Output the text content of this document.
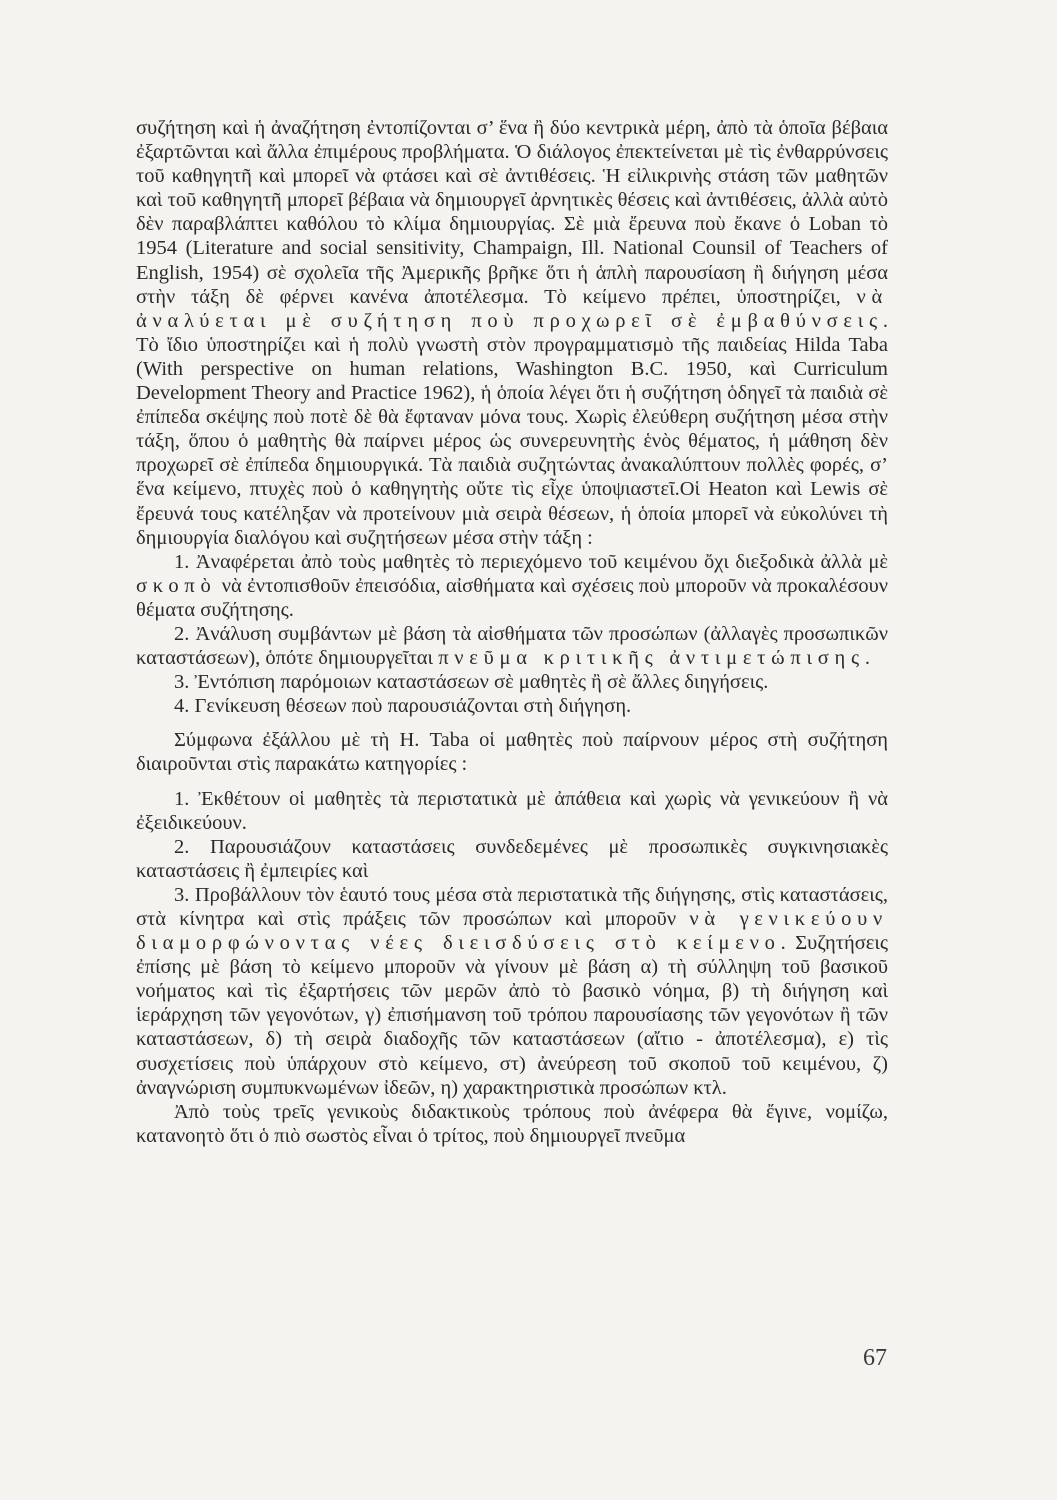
συζήτηση καὶ ἡ ἀναζήτηση ἐντοπίζονται σ’ ἕνα ἢ δύο κεντρικὰ μέρη, ἀπὸ τὰ ὁποῖα βέβαια ἐξαρτῶνται καὶ ἄλλα ἐπιμέρους προβλήματα. Ὁ διάλογος ἐπεκτείνεται μὲ τὶς ἐνθαρρύνσεις τοῦ καθηγητῆ καὶ μπορεῖ νὰ φτάσει καὶ σὲ ἀντιθέσεις. Ἡ εἰλικρινὴς στάση τῶν μαθητῶν καὶ τοῦ καθηγητῆ μπορεῖ βέβαια νὰ δημιουργεῖ ἀρνητικὲς θέσεις καὶ ἀντιθέσεις, ἀλλὰ αὐτὸ δὲν παραβλάπτει καθόλου τὸ κλίμα δημιουργίας. Σὲ μιὰ ἔρευνα ποὺ ἔκανε ὁ Loban τὸ 1954 (Literature and social sensitivity, Champaign, Ill. National Counsil of Teachers of English, 1954) σὲ σχολεῖα τῆς Ἀμερικῆς βρῆκε ὅτι ἡ ἁπλὴ παρουσίαση ἢ διήγηση μέσα στὴν τάξη δὲ φέρνει κανένα ἀποτέλεσμα. Τὸ κείμενο πρέπει, ὑποστηρίζει, νὰ ἀναλύεται μὲ συζήτηση ποὺ προχωρεῖ σὲ ἐμβαθύνσεις. Τὸ ἴδιο ὑποστηρίζει καὶ ἡ πολὺ γνωστὴ στὸν προγραμματισμὸ τῆς παιδείας Hilda Taba (With perspective on human relations, Washington B.C. 1950, καὶ Curriculum Development Theory and Practice 1962), ἡ ὁποία λέγει ὅτι ἡ συζήτηση ὁδηγεῖ τὰ παιδιὰ σὲ ἐπίπεδα σκέψης ποὺ ποτὲ δὲ θὰ ἔφταναν μόνα τους. Χωρὶς ἐλεύθερη συζήτηση μέσα στὴν τάξη, ὅπου ὁ μαθητὴς θὰ παίρνει μέρος ὡς συνερευνητὴς ἑνὸς θέματος, ἡ μάθηση δὲν προχωρεῖ σὲ ἐπίπεδα δημιουργικά. Τὰ παιδιὰ συζητώντας ἀνακαλύπτουν πολλὲς φορές, σ’ ἕνα κείμενο, πτυχὲς ποὺ ὁ καθηγητὴς οὔτε τὶς εἶχε ὑποψιαστεῖ.Οἱ Heaton καὶ Lewis σὲ ἔρευνά τους κατέληξαν νὰ προτείνουν μιὰ σειρὰ θέσεων, ἡ ὁποία μπορεῖ νὰ εὐκολύνει τὴ δημιουργία διαλόγου καὶ συζητήσεων μέσα στὴν τάξη :

1. Ἀναφέρεται ἀπὸ τοὺς μαθητὲς τὸ περιεχόμενο τοῦ κειμένου ὄχι διεξοδικὰ ἀλλὰ μὲ σκοπὸ νὰ ἐντοπισθοῦν ἐπεισόδια, αἰσθήματα καὶ σχέσεις ποὺ μποροῦν νὰ προκαλέσουν θέματα συζήτησης.

2. Ἀνάλυση συμβάντων μὲ βάση τὰ αἰσθήματα τῶν προσώπων (ἀλλαγὲς προσωπικῶν καταστάσεων), ὁπότε δημιουργεῖται πνεῦμα κριτικῆς ἀντιμετώπισης.

3. Ἐντόπιση παρόμοιων καταστάσεων σὲ μαθητὲς ἢ σὲ ἄλλες διηγήσεις.

4. Γενίκευση θέσεων ποὺ παρουσιάζονται στὴ διήγηση.

Σύμφωνα ἐξάλλου μὲ τὴ Η. Taba οἱ μαθητὲς ποὺ παίρνουν μέρος στὴ συζήτηση διαιροῦνται στὶς παρακάτω κατηγορίες :

1. Ἐκθέτουν οἱ μαθητὲς τὰ περιστατικὰ μὲ ἀπάθεια καὶ χωρὶς νὰ γενικεύουν ἢ νὰ ἐξειδικεύουν.

2. Παρουσιάζουν καταστάσεις συνδεδεμένες μὲ προσωπικὲς συγκινησιακὲς καταστάσεις ἢ ἐμπειρίες καὶ

3. Προβάλλουν τὸν ἑαυτό τους μέσα στὰ περιστατικὰ τῆς διήγησης, στὶς καταστάσεις, στὰ κίνητρα καὶ στὶς πράξεις τῶν προσώπων καὶ μποροῦν νὰ γενικεύουν διαμορφώνοντας νέες διεισδύσεις στὸ κείμενο. Συζητήσεις ἐπίσης μὲ βάση τὸ κείμενο μποροῦν νὰ γίνουν μὲ βάση α) τὴ σύλληψη τοῦ βασικοῦ νοήματος καὶ τὶς ἐξαρτήσεις τῶν μερῶν ἀπὸ τὸ βασικὸ νόημα, β) τὴ διήγηση καὶ ἱεράρχηση τῶν γεγονότων, γ) ἐπισήμανση τοῦ τρόπου παρουσίασης τῶν γεγονότων ἢ τῶν καταστάσεων, δ) τὴ σειρὰ διαδοχῆς τῶν καταστάσεων (αἴτιο - ἀποτέλεσμα), ε) τὶς συσχετίσεις ποὺ ὑπάρχουν στὸ κείμενο, στ) ἀνεύρεση τοῦ σκοποῦ τοῦ κειμένου, ζ) ἀναγνώριση συμπυκνωμένων ἰδεῶν, η) χαρακτηριστικὰ προσώπων κτλ.

Ἀπὸ τοὺς τρεῖς γενικοὺς διδακτικοὺς τρόπους ποὺ ἀνέφερα θὰ ἔγινε, νομίζω, κατανοητὸ ὅτι ὁ πιὸ σωστὸς εἶναι ὁ τρίτος, ποὺ δημιουργεῖ πνεῦμα

67
